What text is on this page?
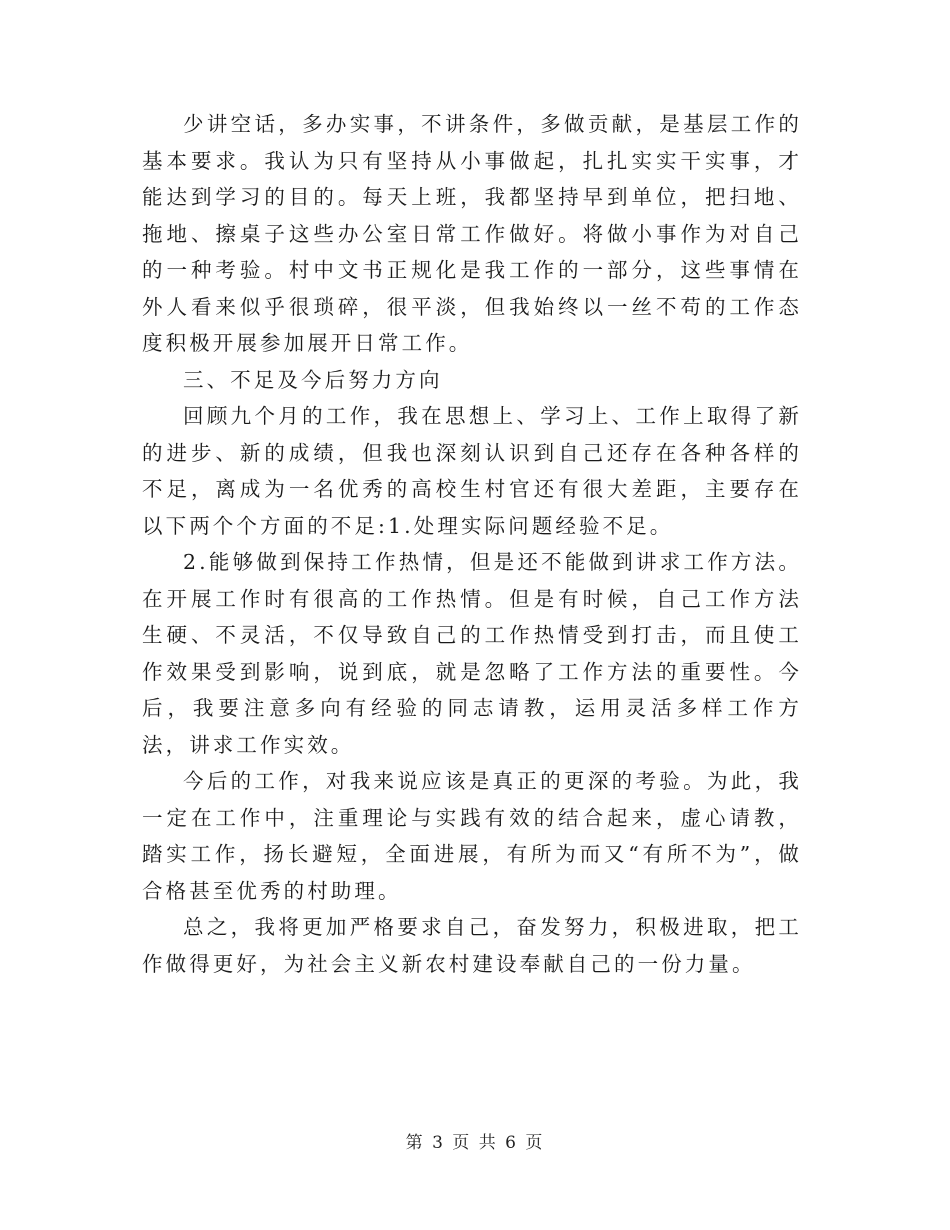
少讲空话，多办实事，不讲条件，多做贡献，是基层工作的基本要求。我认为只有坚持从小事做起，扎扎实实干实事，才能达到学习的目的。每天上班，我都坚持早到单位，把扫地、拖地、擦桌子这些办公室日常工作做好。将做小事作为对自己的一种考验。村中文书正规化是我工作的一部分，这些事情在外人看来似乎很琐碎，很平淡，但我始终以一丝不苟的工作态度积极开展参加展开日常工作。

三、不足及今后努力方向

回顾九个月的工作，我在思想上、学习上、工作上取得了新的进步、新的成绩，但我也深刻认识到自己还存在各种各样的不足，离成为一名优秀的高校生村官还有很大差距，主要存在以下两个个方面的不足:1.处理实际问题经验不足。

2.能够做到保持工作热情，但是还不能做到讲求工作方法。在开展工作时有很高的工作热情。但是有时候，自己工作方法生硬、不灵活，不仅导致自己的工作热情受到打击，而且使工作效果受到影响，说到底，就是忽略了工作方法的重要性。今后，我要注意多向有经验的同志请教，运用灵活多样工作方法，讲求工作实效。

今后的工作，对我来说应该是真正的更深的考验。为此，我一定在工作中，注重理论与实践有效的结合起来，虚心请教，踏实工作，扬长避短，全面进展，有所为而又“有所不为”，做合格甚至优秀的村助理。

总之，我将更加严格要求自己，奋发努力，积极进取，把工作做得更好，为社会主义新农村建设奉献自己的一份力量。

第 3 页 共 6 页
